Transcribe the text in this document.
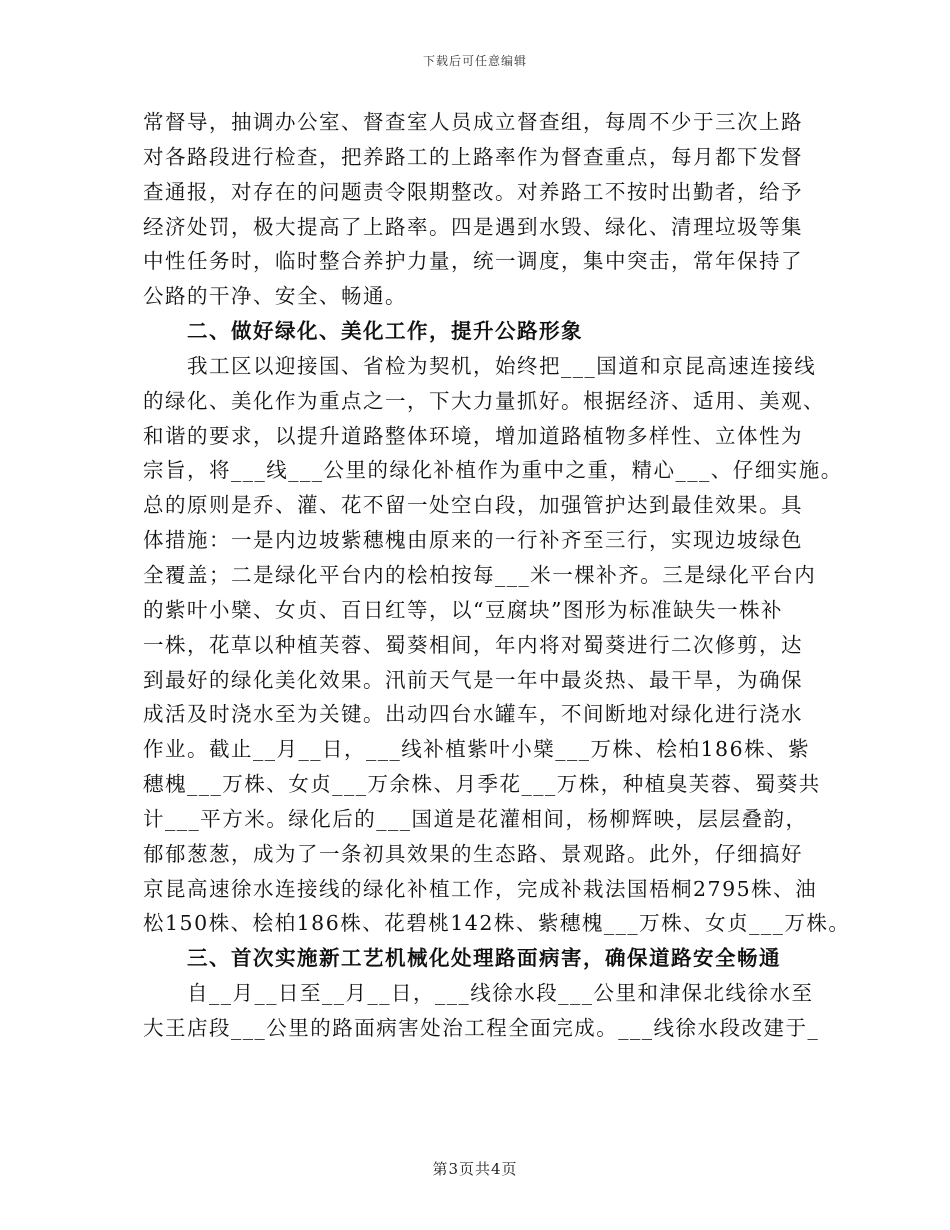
下载后可任意编辑
常督导，抽调办公室、督查室人员成立督查组，每周不少于三次上路
对各路段进行检查，把养路工的上路率作为督查重点，每月都下发督
查通报，对存在的问题责令限期整改。对养路工不按时出勤者，给予
经济处罚，极大提高了上路率。四是遇到水毁、绿化、清理垃圾等集
中性任务时，临时整合养护力量，统一调度，集中突击，常年保持了
公路的干净、安全、畅通。
　　二、做好绿化、美化工作，提升公路形象
　　我工区以迎接国、省检为契机，始终把___国道和京昆高速连接线
的绿化、美化作为重点之一，下大力量抓好。根据经济、适用、美观、
和谐的要求，以提升道路整体环境，增加道路植物多样性、立体性为
宗旨，将___线___公里的绿化补植作为重中之重，精心___、仔细实施。
总的原则是乔、灌、花不留一处空白段，加强管护达到最佳效果。具
体措施：一是内边坡紫穗槐由原来的一行补齐至三行，实现边坡绿色
全覆盖；二是绿化平台内的桧柏按每___米一棵补齐。三是绿化平台内
的紫叶小檗、女贞、百日红等，以“豆腐块”图形为标准缺失一株补
一株，花草以种植芙蓉、蜀葵相间，年内将对蜀葵进行二次修剪，达
到最好的绿化美化效果。汛前天气是一年中最炎热、最干旱，为确保
成活及时浇水至为关键。出动四台水罐车，不间断地对绿化进行浇水
作业。截止__月__日，___线补植紫叶小檗___万株、桧柏186株、紫
穗槐___万株、女贞___万余株、月季花___万株，种植臭芙蓉、蜀葵共
计___平方米。绿化后的___国道是花灌相间，杨柳辉映，层层叠韵，
郁郁葱葱，成为了一条初具效果的生态路、景观路。此外，仔细搞好
京昆高速徐水连接线的绿化补植工作，完成补栽法国梧桐2795株、油
松150株、桧柏186株、花碧桃142株、紫穗槐___万株、女贞___万株。
　　三、首次实施新工艺机械化处理路面病害，确保道路安全畅通
　　自__月__日至__月__日，___线徐水段___公里和津保北线徐水至
大王店段___公里的路面病害处治工程全面完成。___线徐水段改建于_
第3页共4页
